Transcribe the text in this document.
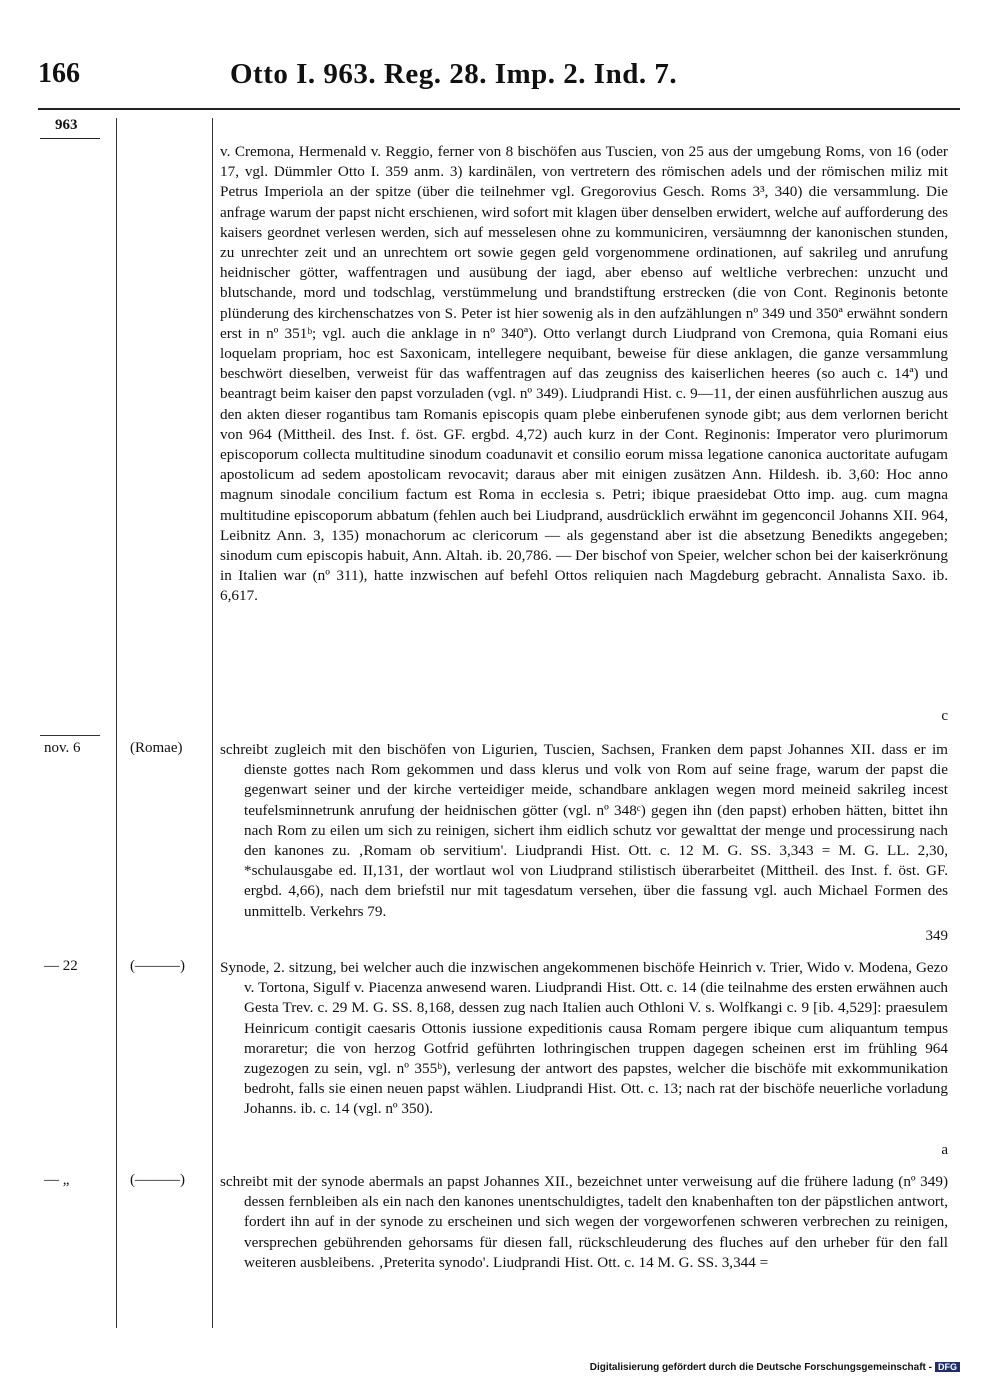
166	Otto I. 963. Reg. 28. Imp. 2. Ind. 7.
963

v. Cremona, Hermenald v. Reggio, ferner von 8 bischöfen aus Tuscien, von 25 aus der umgebung Roms, von 16 (oder 17, vgl. Dümmler Otto I. 359 anm. 3) kardinälen, von vertretern des römischen adels und der römischen miliz mit Petrus Imperiola an der spitze (über die teilnehmer vgl. Gregorovius Gesch. Roms 3³, 340) die versammlung. Die anfrage warum der papst nicht erschienen, wird sofort mit klagen über denselben erwidert, welche auf aufforderung des kaisers geordnet verlesen werden, sich auf messelesen ohne zu kommuniciren, versäumnng der kanonischen stunden, zu unrechter zeit und an unrechtem ort sowie gegen geld vorgenommene ordinationen, auf sakrileg und anrufung heidnischer götter, waffentragen und ausübung der iagd, aber ebenso auf weltliche verbrechen: unzucht und blutschande, mord und todschlag, verstümmelung und brandstiftung erstrecken (die von Cont. Reginonis betonte plünderung des kirchenschatzes von S. Peter ist hier sowenig als in den aufzählungen nº 349 und 350ª erwähnt sondern erst in nº 351ᵇ; vgl. auch die anklage in nº 340ª). Otto verlangt durch Liudprand von Cremona, quia Romani eius loquelam propriam, hoc est Saxonicam, intellegere nequibant, beweise für diese anklagen, die ganze versammlung beschwört dieselben, verweist für das waffentragen auf das zeugniss des kaiserlichen heeres (so auch c. 14ª) und beantragt beim kaiser den papst vorzuladen (vgl. nº 349). Liudprandi Hist. c. 9—11, der einen ausführlichen auszug aus den akten dieser rogantibus tam Romanis episcopis quam plebe einberufenen synode gibt; aus dem verlornen bericht von 964 (Mittheil. des Inst. f. öst. GF. ergbd. 4,72) auch kurz in der Cont. Reginonis: Imperator vero plurimorum episcoporum collecta multitudine sinodum coadunavit et consilio eorum missa legatione canonica auctoritate aufugam apostolicum ad sedem apostolicam revocavit; daraus aber mit einigen zusätzen Ann. Hildesh. ib. 3,60: Hoc anno magnum sinodale concilium factum est Roma in ecclesia s. Petri; ibique praesidebat Otto imp. aug. cum magna multitudine episcoporum abbatum (fehlen auch bei Liudprand, ausdrücklich erwähnt im gegenconcil Johanns XII. 964, Leibnitz Ann. 3, 135) monachorum ac clericorum — als gegenstand aber ist die absetzung Benedikts angegeben; sinodum cum episcopis habuit, Ann. Altah. ib. 20,786. — Der bischof von Speier, welcher schon bei der kaiserkrönung in Italien war (nº 311), hatte inzwischen auf befehl Ottos reliquien nach Magdeburg gebracht. Annalista Saxo. ib. 6,617.

c
nov. 6	(Romae) schreibt zugleich mit den bischöfen von Ligurien, Tuscien, Sachsen, Franken dem papst Johannes XII. dass er im dienste gottes nach Rom gekommen und dass klerus und volk von Rom auf seine frage, warum der papst die gegenwart seiner und der kirche verteidiger meide, schandbare anklagen wegen mord meineid sakrileg incest teufelsminnetrunk anrufung der heidnischen götter (vgl. nº 348ᶜ) gegen ihn (den papst) erhoben hätten, bittet ihn nach Rom zu eilen um sich zu reinigen, sichert ihm eidlich schutz vor gewalttat der menge und processirung nach den kanones zu. ‚Romam ob servitium'. Liudprandi Hist. Ott. c. 12 M. G. SS. 3,343 = M. G. LL. 2,30, *schulausgabe ed. II,131, der wortlaut wol von Liudprand stilistisch überarbeitet (Mittheil. des Inst. f. öst. GF. ergbd. 4,66), nach dem briefstil nur mit tagesdatum versehen, über die fassung vgl. auch Michael Formen des unmittelb. Verkehrs 79.

349
— 22	(———) Synode, 2. sitzung, bei welcher auch die inzwischen angekommenen bischöfe Heinrich v. Trier, Wido v. Modena, Gezo v. Tortona, Sigulf v. Piacenza anwesend waren. Liudprandi Hist. Ott. c. 14 (die teilnahme des ersten erwähnen auch Gesta Trev. c. 29 M. G. SS. 8,168, dessen zug nach Italien auch Othloni V. s. Wolfkangi c. 9 [ib. 4,529]: praesulem Heinricum contigit caesaris Ottonis iussione expeditionis causa Romam pergere ibique cum aliquantum tempus moraretur; die von herzog Gotfrid geführten lothringischen truppen dagegen scheinen erst im frühling 964 zugezogen zu sein, vgl. nº 355ᵇ), verlesung der antwort des papstes, welcher die bischöfe mit exkommunikation bedroht, falls sie einen neuen papst wählen. Liudprandi Hist. Ott. c. 13; nach rat der bischöfe neuerliche vorladung Johanns. ib. c. 14 (vgl. nº 350).

a
— „	(———) schreibt mit der synode abermals an papst Johannes XII., bezeichnet unter verweisung auf die frühere ladung (nº 349) dessen fernbleiben als ein nach den kanones unentschuldigtes, tadelt den knabenhaften ton der päpstlichen antwort, fordert ihn auf in der synode zu erscheinen und sich wegen der vorgeworfenen schweren verbrechen zu reinigen, versprechen gebührenden gehorsams für diesen fall, rückschleuderung des fluches auf den urheber für den fall weiteren ausbleibens. ‚Preterita synodo'. Liudprandi Hist. Ott. c. 14 M. G. SS. 3,344 =

Digitalisierung gefördert durch die Deutsche Forschungsgemeinschaft - DFG
